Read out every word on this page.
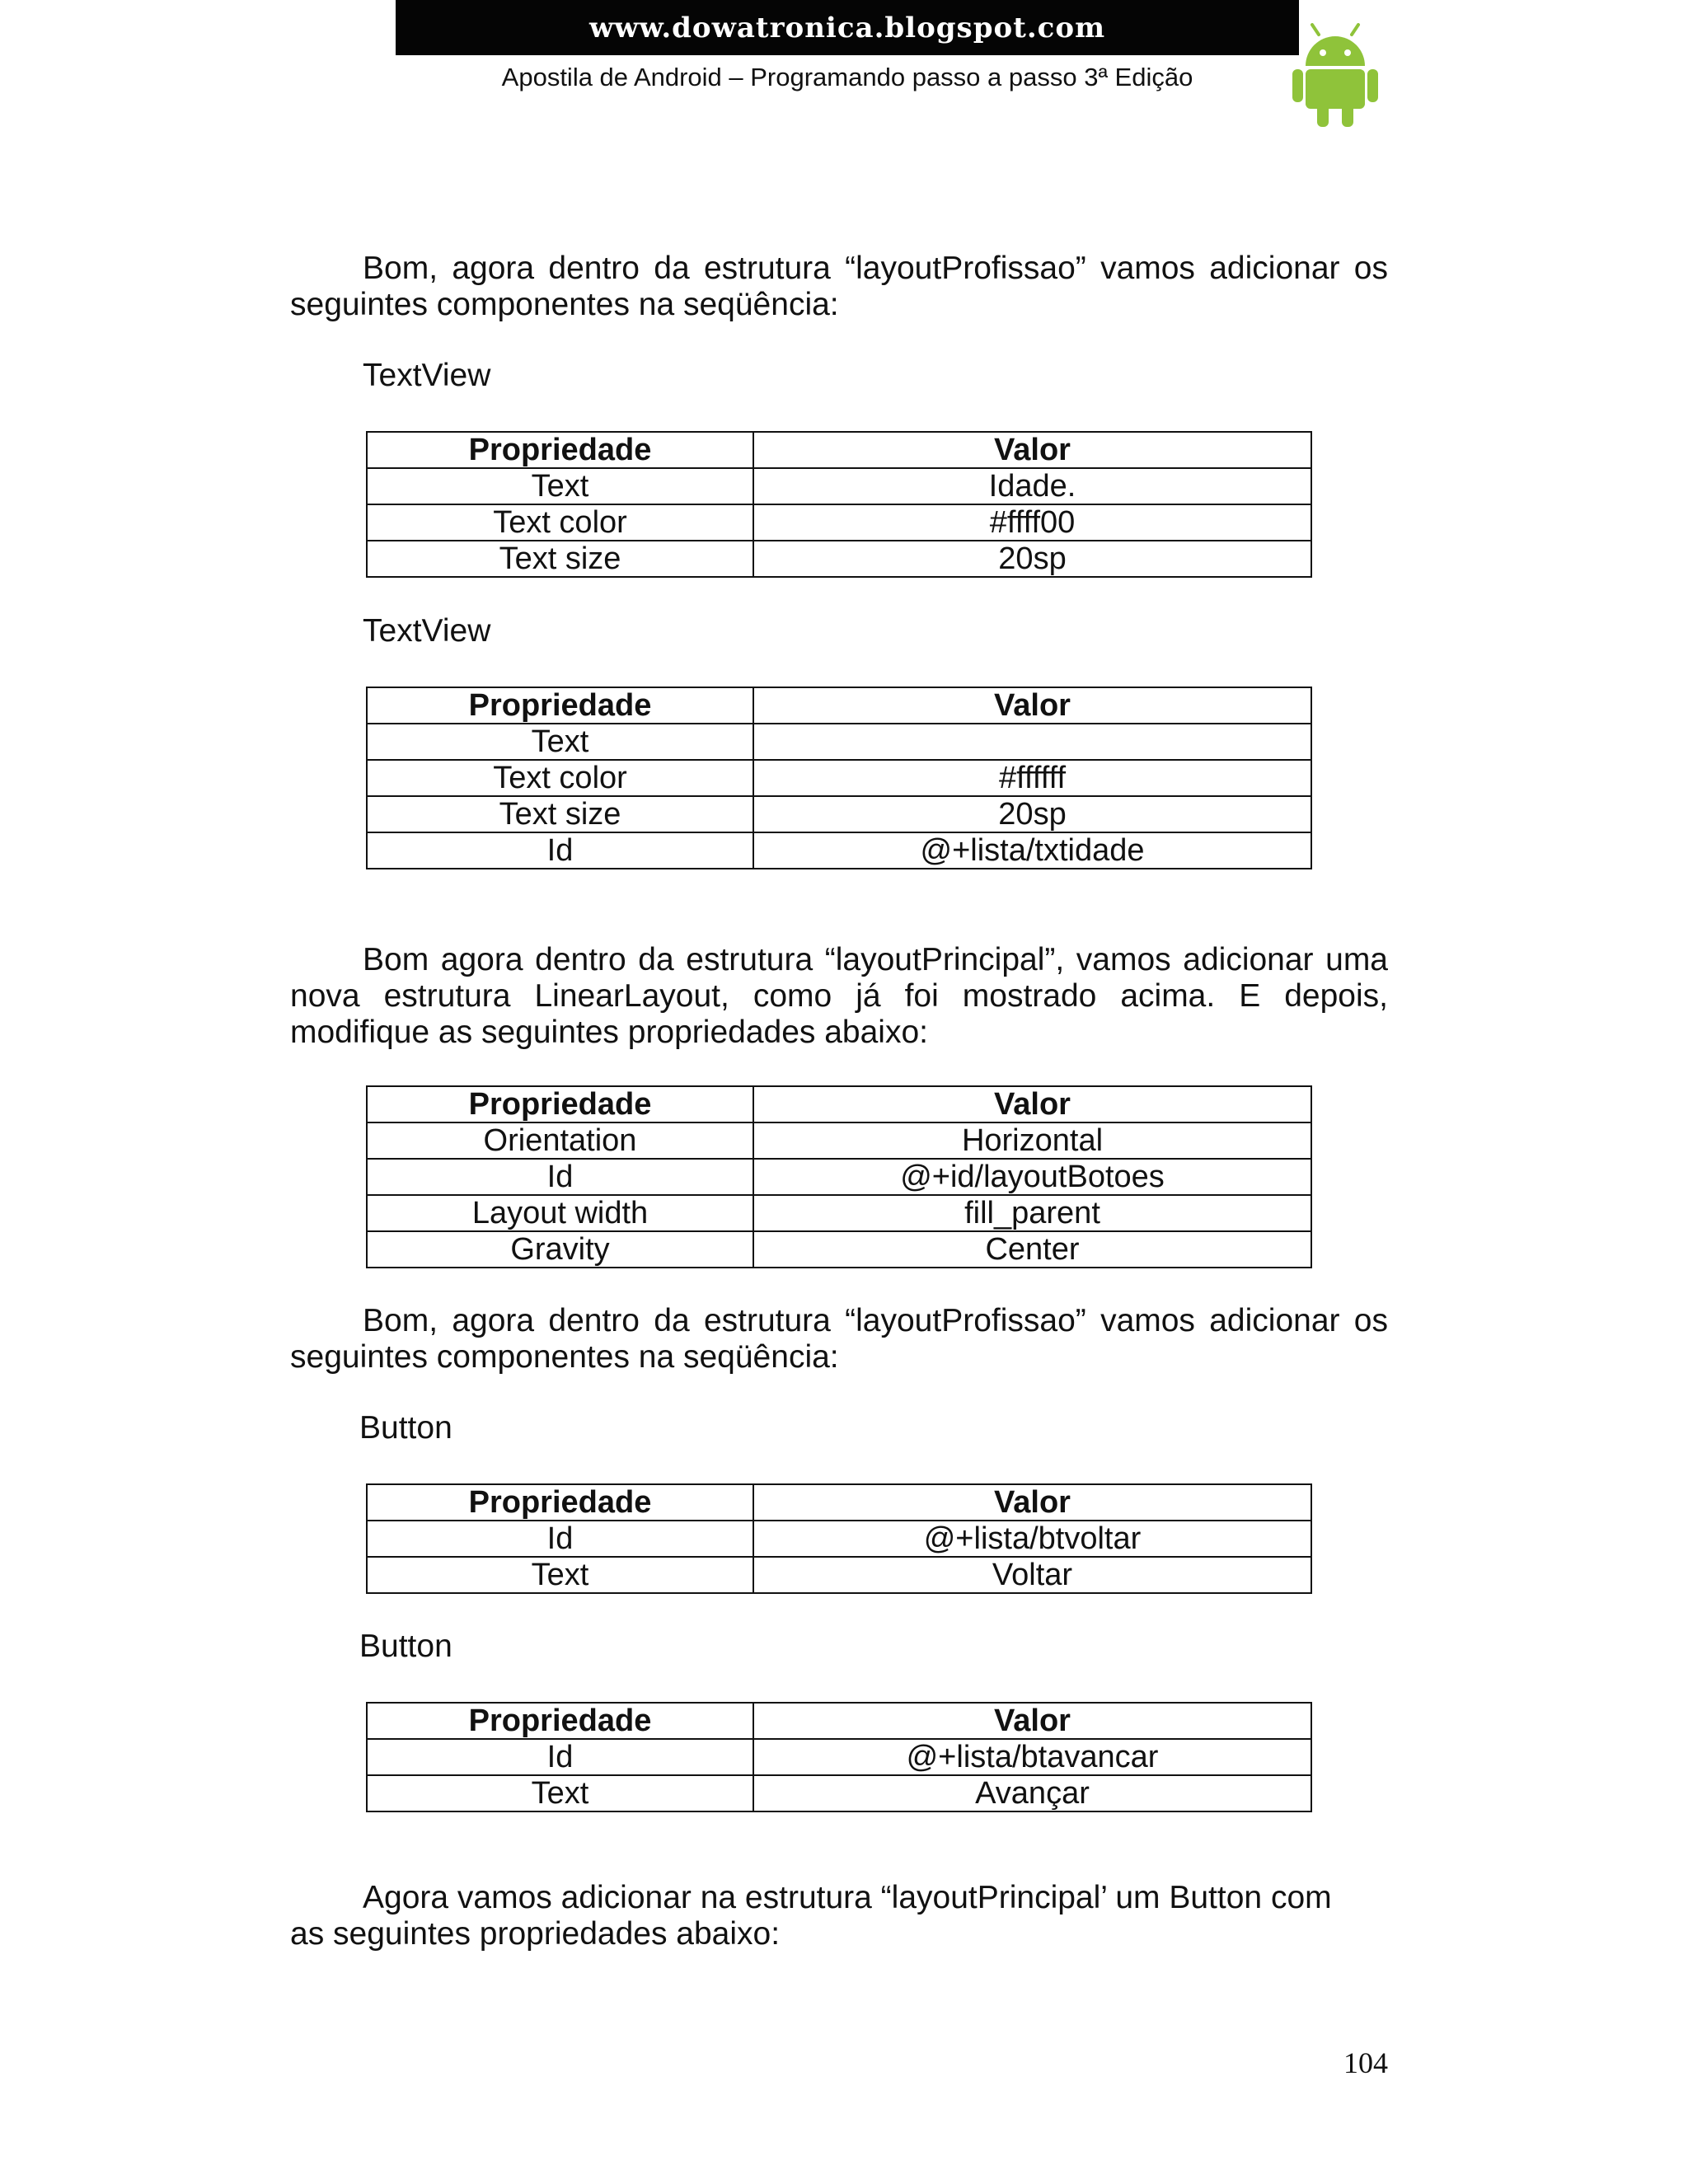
www.dowatronica.blogspot.com
Apostila de Android – Programando passo a passo 3ª Edição
Bom, agora dentro da estrutura “layoutProfissao” vamos adicionar os seguintes componentes na seqüência:
TextView
Propriedade	Valor
Text	Idade.
Text color	#ffff00
Text size	20sp
TextView
Propriedade	Valor
Text	
Text color	#ffffff
Text size	20sp
Id	@+lista/txtidade
Bom agora dentro da estrutura “layoutPrincipal”, vamos adicionar uma nova estrutura LinearLayout, como já foi mostrado acima. E depois, modifique as seguintes propriedades abaixo:
Propriedade	Valor
Orientation	Horizontal
Id	@+id/layoutBotoes
Layout width	fill_parent
Gravity	Center
Bom, agora dentro da estrutura “layoutProfissao” vamos adicionar os seguintes componentes na seqüência:
Button
Propriedade	Valor
Id	@+lista/btvoltar
Text	Voltar
Button
Propriedade	Valor
Id	@+lista/btavancar
Text	Avançar
Agora vamos adicionar na estrutura “layoutPrincipal’ um Button com as seguintes propriedades abaixo:
104
